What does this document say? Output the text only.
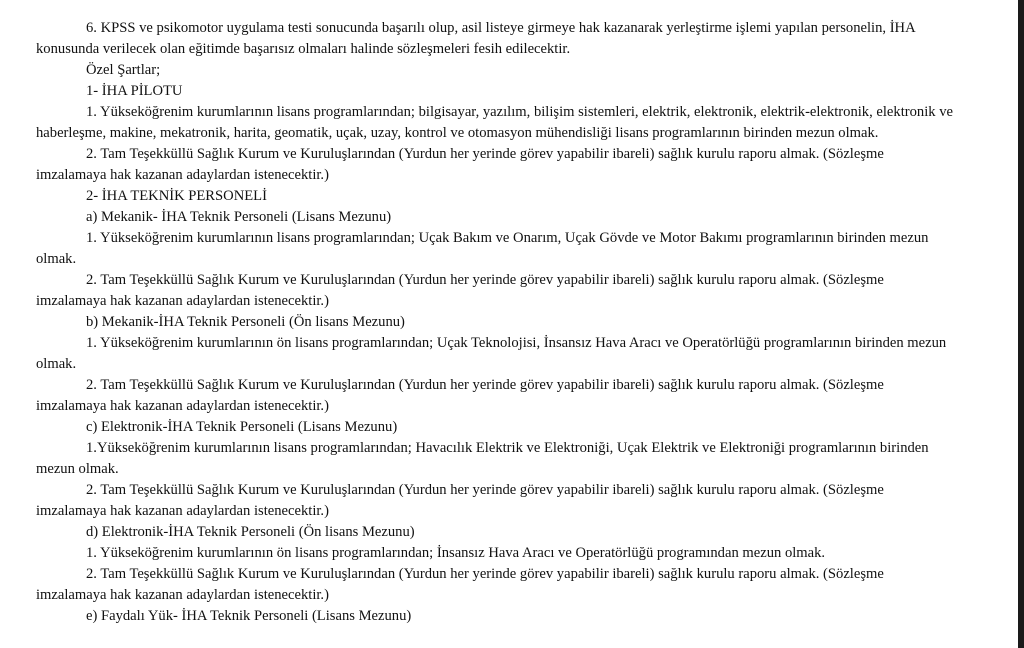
6. KPSS ve psikomotor uygulama testi sonucunda başarılı olup, asil listeye girmeye hak kazanarak yerleştirme işlemi yapılan personelin, İHA
konusunda verilecek olan eğitimde başarısız olmaları halinde sözleşmeleri fesih edilecektir.
Özel Şartlar;
1- İHA PİLOTU
1. Yükseköğrenim kurumlarının lisans programlarından; bilgisayar, yazılım, bilişim sistemleri, elektrik, elektronik, elektrik-elektronik, elektronik ve
haberleşme, makine, mekatronik, harita, geomatik, uçak, uzay, kontrol ve otomasyon mühendisliği lisans programlarının birinden mezun olmak.
2. Tam Teşekküllü Sağlık Kurum ve Kuruluşlarından (Yurdun her yerinde görev yapabilir ibareli) sağlık kurulu raporu almak. (Sözleşme
imzalamaya hak kazanan adaylardan istenecektir.)
2- İHA TEKNİK PERSONELİ
a) Mekanik- İHA Teknik Personeli (Lisans Mezunu)
1. Yükseköğrenim kurumlarının lisans programlarından; Uçak Bakım ve Onarım, Uçak Gövde ve Motor Bakımı programlarının birinden mezun
olmak.
2. Tam Teşekküllü Sağlık Kurum ve Kuruluşlarından (Yurdun her yerinde görev yapabilir ibareli) sağlık kurulu raporu almak. (Sözleşme
imzalamaya hak kazanan adaylardan istenecektir.)
b) Mekanik-İHA Teknik Personeli (Ön lisans Mezunu)
1. Yükseköğrenim kurumlarının ön lisans programlarından; Uçak Teknolojisi, İnsansız Hava Aracı ve Operatörlüğü programlarının birinden mezun
olmak.
2. Tam Teşekküllü Sağlık Kurum ve Kuruluşlarından (Yurdun her yerinde görev yapabilir ibareli) sağlık kurulu raporu almak. (Sözleşme
imzalamaya hak kazanan adaylardan istenecektir.)
c) Elektronik-İHA Teknik Personeli (Lisans Mezunu)
1.Yükseköğrenim kurumlarının lisans programlarından; Havacılık Elektrik ve Elektroniği, Uçak Elektrik ve Elektroniği programlarının birinden
mezun olmak.
2. Tam Teşekküllü Sağlık Kurum ve Kuruluşlarından (Yurdun her yerinde görev yapabilir ibareli) sağlık kurulu raporu almak. (Sözleşme
imzalamaya hak kazanan adaylardan istenecektir.)
d) Elektronik-İHA Teknik Personeli (Ön lisans Mezunu)
1. Yükseköğrenim kurumlarının ön lisans programlarından; İnsansız Hava Aracı ve Operatörlüğü programından mezun olmak.
2. Tam Teşekküllü Sağlık Kurum ve Kuruluşlarından (Yurdun her yerinde görev yapabilir ibareli) sağlık kurulu raporu almak. (Sözleşme
imzalamaya hak kazanan adaylardan istenecektir.)
e) Faydalı Yük- İHA Teknik Personeli (Lisans Mezunu)
